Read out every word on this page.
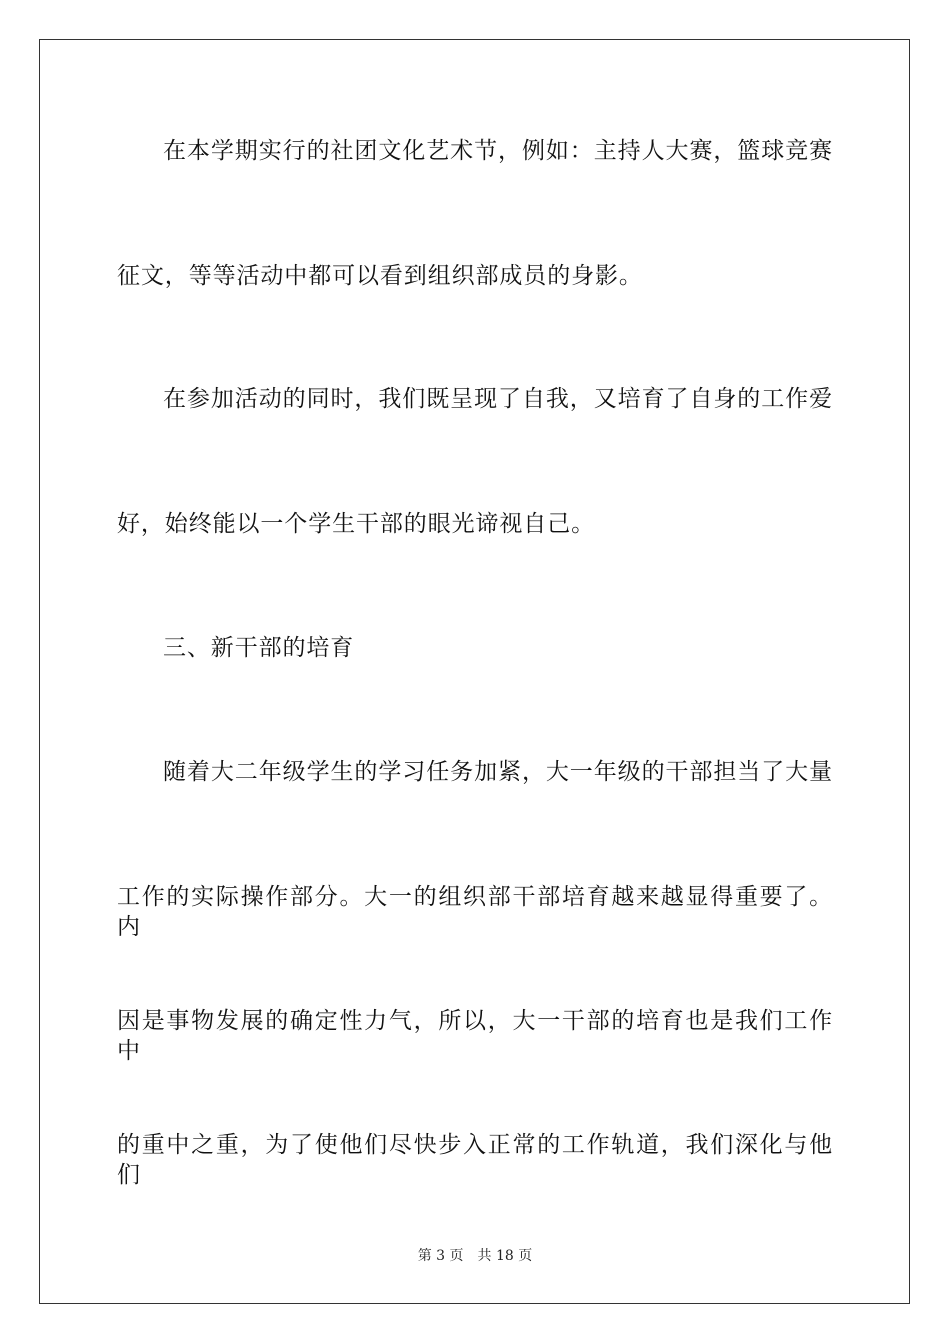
在本学期实行的社团文化艺术节，例如：主持人大赛，篮球竞赛
征文，等等活动中都可以看到组织部成员的身影。
在参加活动的同时，我们既呈现了自我，又培育了自身的工作爱
好，始终能以一个学生干部的眼光谛视自己。
三、新干部的培育
随着大二年级学生的学习任务加紧，大一年级的干部担当了大量
工作的实际操作部分。大一的组织部干部培育越来越显得重要了。内
因是事物发展的确定性力气，所以，大一干部的培育也是我们工作中
的重中之重，为了使他们尽快步入正常的工作轨道，我们深化与他们
第 3 页 共 18 页
